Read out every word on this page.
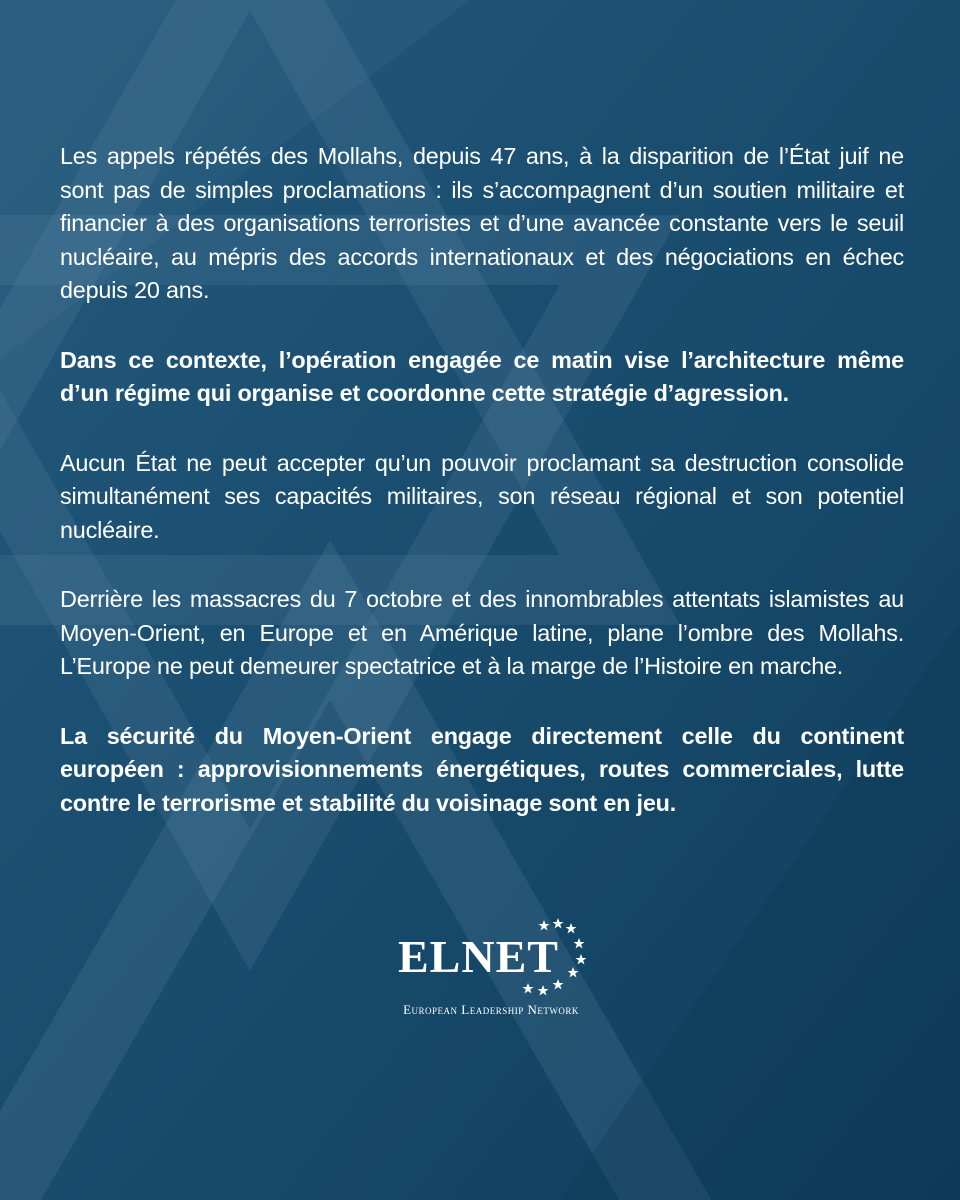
Les appels répétés des Mollahs, depuis 47 ans, à la disparition de l’État juif ne sont pas de simples proclamations : ils s’accompagnent d’un soutien militaire et financier à des organisations terroristes et d’une avancée constante vers le seuil nucléaire, au mépris des accords internationaux et des négociations en échec depuis 20 ans.

Dans ce contexte, l’opération engagée ce matin vise l’architecture même d’un régime qui organise et coordonne cette stratégie d’agression.

Aucun État ne peut accepter qu’un pouvoir proclamant sa destruction consolide simultanément ses capacités militaires, son réseau régional et son potentiel nucléaire.

Derrière les massacres du 7 octobre et des innombrables attentats islamistes au Moyen-Orient, en Europe et en Amérique latine, plane l’ombre des Mollahs. L’Europe ne peut demeurer spectatrice et à la marge de l’Histoire en marche.

La sécurité du Moyen-Orient engage directement celle du continent européen : approvisionnements énergétiques, routes commerciales, lutte contre le terrorisme et stabilité du voisinage sont en jeu.

ELNET
European Leadership Network
